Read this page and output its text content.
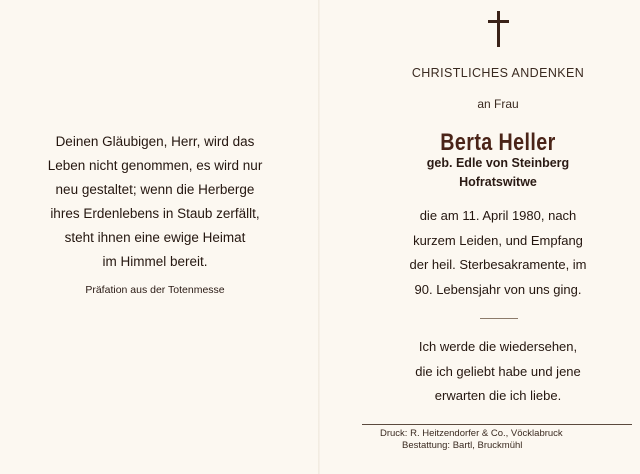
Deinen Gläubigen, Herr, wird das
Leben nicht genommen, es wird nur
neu gestaltet; wenn die Herberge
ihres Erdenlebens in Staub zerfällt,
steht ihnen eine ewige Heimat
im Himmel bereit.
Präfation aus der Totenmesse
CHRISTLICHES ANDENKEN
an Frau
Berta Heller
geb. Edle von Steinberg
Hofratswitwe
die am 11. April 1980, nach
kurzem Leiden, und Empfang
der heil. Sterbesakramente, im
90. Lebensjahr von uns ging.
Ich werde die wiedersehen,
die ich geliebt habe und jene
erwarten die ich liebe.
Druck: R. Heitzendorfer & Co., Vöcklabruck
Bestattung: Bartl, Bruckmühl
